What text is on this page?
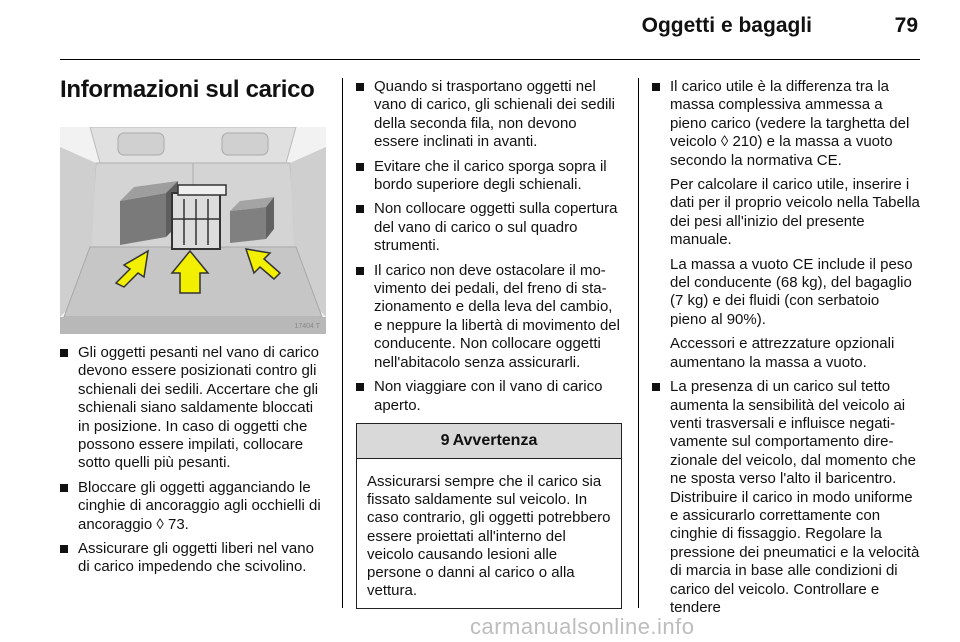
Oggetti e bagagli	79
Informazioni sul carico
17404 T
Gli oggetti pesanti nel vano di carico devono essere posizionati contro gli schienali dei sedili. Accertare che gli schienali siano saldamente bloccati in posizione. In caso di oggetti che possono essere impilati, collocare sotto quelli più pesanti.
Bloccare gli oggetti agganciando le cinghie di ancoraggio agli occhielli di ancoraggio ◊ 73.
Assicurare gli oggetti liberi nel vano di carico impedendo che scivolino.
Quando si trasportano oggetti nel vano di carico, gli schienali dei sedili della seconda fila, non devono essere inclinati in avanti.
Evitare che il carico sporga sopra il bordo superiore degli schienali.
Non collocare oggetti sulla copertura del vano di carico o sul quadro strumenti.
Il carico non deve ostacolare il movimento dei pedali, del freno di stazionamento e della leva del cambio, e neppure la libertà di movimento del conducente. Non collocare oggetti nell'abitacolo senza assicurarli.
Non viaggiare con il vano di carico aperto.
9 Avvertenza
Assicurarsi sempre che il carico sia fissato saldamente sul veicolo. In caso contrario, gli oggetti potrebbero essere proiettati all'interno del veicolo causando lesioni alle persone o danni al carico o alla vettura.
Il carico utile è la differenza tra la massa complessiva ammessa a pieno carico (vedere la targhetta del veicolo ◊ 210) e la massa a vuoto secondo la normativa CE.
Per calcolare il carico utile, inserire i dati per il proprio veicolo nella Tabella dei pesi all'inizio del presente manuale.
La massa a vuoto CE include il peso del conducente (68 kg), del bagaglio (7 kg) e dei fluidi (con serbatoio pieno al 90%).
Accessori e attrezzature opzionali aumentano la massa a vuoto.
La presenza di un carico sul tetto aumenta la sensibilità del veicolo ai venti trasversali e influisce negativamente sul comportamento direzionale del veicolo, dal momento che ne sposta verso l'alto il baricentro. Distribuire il carico in modo uniforme e assicurarlo correttamente con cinghie di fissaggio. Regolare la pressione dei pneumatici e la velocità di marcia in base alle condizioni di carico del veicolo. Controllare e tendere
carmanualsonline.info
